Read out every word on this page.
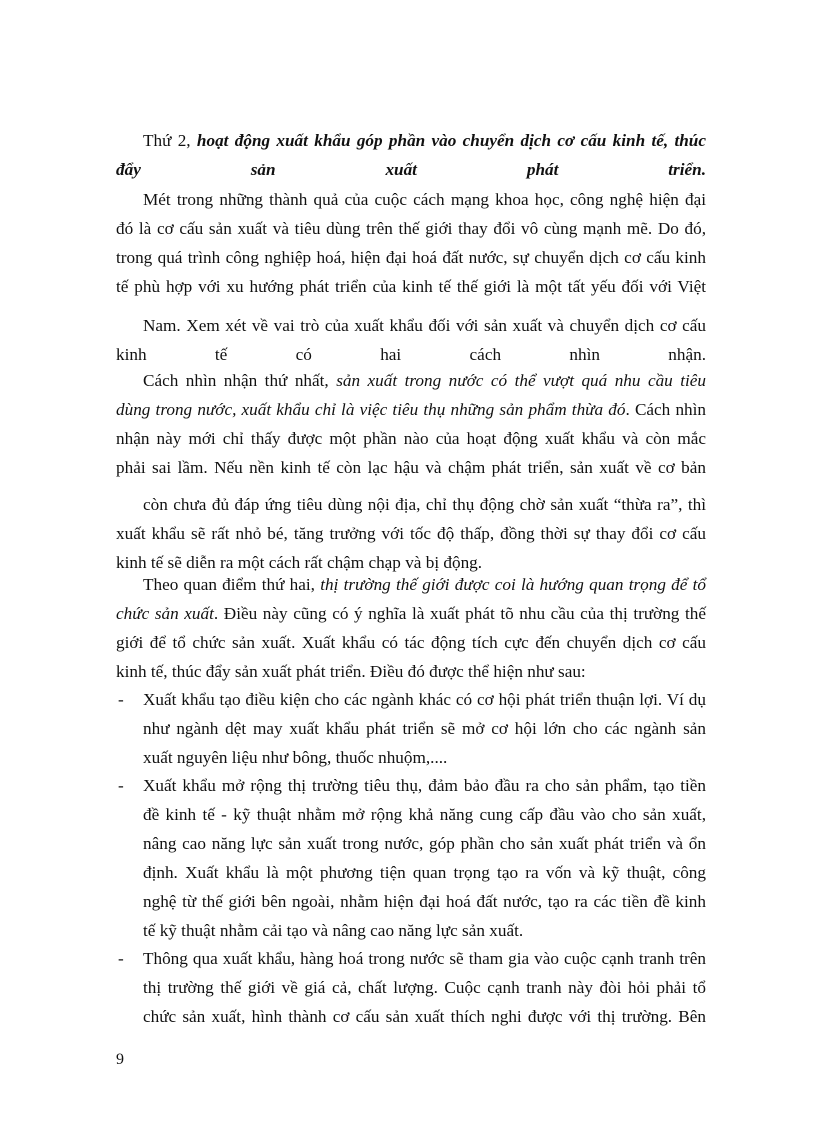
Thứ 2, hoạt động xuất khẩu góp phần vào chuyển dịch cơ cấu kinh tế, thúc
đẩy sản xuất phát triển.
Mét trong những thành quả của cuộc cách mạng khoa học, công nghệ hiện đại
đó là cơ cấu sản xuất và tiêu dùng trên thế giới thay đổi vô cùng mạnh mẽ. Do đó,
trong quá trình công nghiệp hoá, hiện đại hoá đất nước, sự chuyển dịch cơ cấu kinh
tế phù hợp với xu hướng phát triển của kinh tế thế giới là một tất yếu đối với Việt
Nam. Xem xét về vai trò của xuất khẩu đối với sản xuất và chuyển dịch cơ cấu
kinh tế có hai cách nhìn nhận.
Cách nhìn nhận thứ nhất, sản xuất trong nước có thể vượt quá nhu cầu tiêu
dùng trong nước, xuất khẩu chỉ là việc tiêu thụ những sản phẩm thừa đó. Cách nhìn
nhận này mới chỉ thấy được một phần nào của hoạt động xuất khẩu và còn mắc
phải sai lầm. Nếu nền kinh tế còn lạc hậu và chậm phát triển, sản xuất về cơ bản
còn chưa đủ đáp ứng tiêu dùng nội địa, chỉ thụ động chờ sản xuất “thừa ra”, thì
xuất khẩu sẽ rất nhỏ bé, tăng trưởng với tốc độ thấp, đồng thời sự thay đổi cơ cấu
kinh tế sẽ diễn ra một cách rất chậm chạp và bị động.
Theo quan điểm thứ hai, thị trường thế giới được coi là hướng quan trọng để tổ
chức sản xuất. Điều này cũng có ý nghĩa là xuất phát tõ nhu cầu của thị trường thế
giới để tổ chức sản xuất. Xuất khẩu có tác động tích cực đến chuyển dịch cơ cấu
kinh tế, thúc đẩy sản xuất phát triển. Điều đó được thể hiện như sau:
- Xuất khẩu tạo điều kiện cho các ngành khác có cơ hội phát triển thuận lợi. Ví dụ
như ngành dệt may xuất khẩu phát triển sẽ mở cơ hội lớn cho các ngành sản
xuất nguyên liệu như bông, thuốc nhuộm,....
- Xuất khẩu mở rộng thị trường tiêu thụ, đảm bảo đầu ra cho sản phẩm, tạo tiền
đề kinh tế - kỹ thuật nhằm mở rộng khả năng cung cấp đầu vào cho sản xuất,
nâng cao năng lực sản xuất trong nước, góp phần cho sản xuất phát triển và ổn
định. Xuất khẩu là một phương tiện quan trọng tạo ra vốn và kỹ thuật, công
nghệ từ thế giới bên ngoài, nhằm hiện đại hoá đất nước, tạo ra các tiền đề kinh
tế kỹ thuật nhằm cải tạo và nâng cao năng lực sản xuất.
- Thông qua xuất khẩu, hàng hoá trong nước sẽ tham gia vào cuộc cạnh tranh trên
thị trường thế giới về giá cả, chất lượng. Cuộc cạnh tranh này đòi hỏi phải tổ
chức sản xuất, hình thành cơ cấu sản xuất thích nghi được với thị trường. Bên
9
